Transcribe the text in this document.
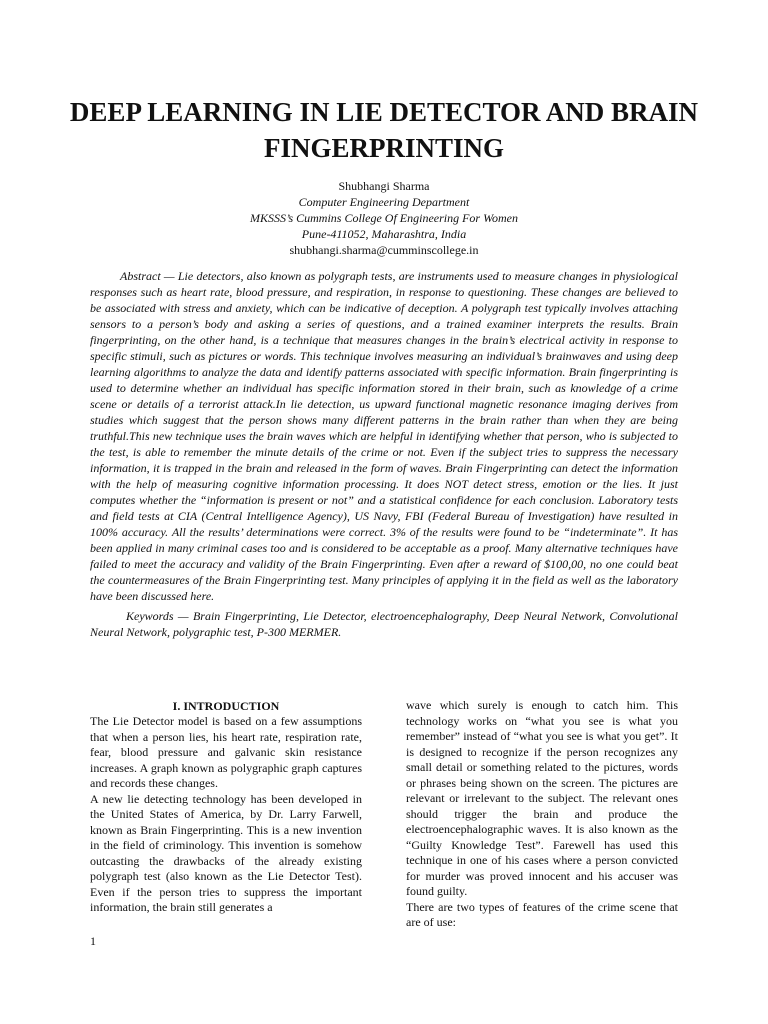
DEEP LEARNING IN LIE DETECTOR AND BRAIN FINGERPRINTING
Shubhangi Sharma
Computer Engineering Department
MKSSS’s Cummins College Of Engineering For Women
Pune-411052, Maharashtra, India
shubhangi.sharma@cumminscollege.in

Abstract — Lie detectors, also known as polygraph tests, are instruments used to measure changes in physiological responses such as heart rate, blood pressure, and respiration, in response to questioning. These changes are believed to be associated with stress and anxiety, which can be indicative of deception. A polygraph test typically involves attaching sensors to a person’s body and asking a series of questions, and a trained examiner interprets the results. Brain fingerprinting, on the other hand, is a technique that measures changes in the brain’s electrical activity in response to specific stimuli, such as pictures or words. This technique involves measuring an individual’s brainwaves and using deep learning algorithms to analyze the data and identify patterns associated with specific information. Brain fingerprinting is used to determine whether an individual has specific information stored in their brain, such as knowledge of a crime scene or details of a terrorist attack.In lie detection, us upward functional magnetic resonance imaging derives from studies which suggest that the person shows many different patterns in the brain rather than when they are being truthful.This new technique uses the brain waves which are helpful in identifying whether that person, who is subjected to the test, is able to remember the minute details of the crime or not. Even if the subject tries to suppress the necessary information, it is trapped in the brain and released in the form of waves. Brain Fingerprinting can detect the information with the help of measuring cognitive information processing. It does NOT detect stress, emotion or the lies. It just computes whether the “information is present or not” and a statistical confidence for each conclusion. Laboratory tests and field tests at CIA (Central Intelligence Agency), US Navy, FBI (Federal Bureau of Investigation) have resulted in 100% accuracy. All the results’ determinations were correct. 3% of the results were found to be “indeterminate”. It has been applied in many criminal cases too and is considered to be acceptable as a proof. Many alternative techniques have failed to meet the accuracy and validity of the Brain Fingerprinting. Even after a reward of $100,00, no one could beat the countermeasures of the Brain Fingerprinting test. Many principles of applying it in the field as well as the laboratory have been discussed here.

Keywords — Brain Fingerprinting, Lie Detector, electroencephalography, Deep Neural Network, Convolutional Neural Network, polygraphic test, P-300 MERMER.

I. INTRODUCTION

The Lie Detector model is based on a few assumptions that when a person lies, his heart rate, respiration rate, fear, blood pressure and galvanic skin resistance increases. A graph known as polygraphic graph captures and records these changes.

A new lie detecting technology has been developed in the United States of America, by Dr. Larry Farwell, known as Brain Fingerprinting. This is a new invention in the field of criminology. This invention is somehow outcasting the drawbacks of the already existing polygraph test (also known as the Lie Detector Test). Even if the person tries to suppress the important information, the brain still generates a

wave which surely is enough to catch him. This technology works on “what you see is what you remember” instead of “what you see is what you get”. It is designed to recognize if the person recognizes any small detail or something related to the pictures, words or phrases being shown on the screen. The pictures are relevant or irrelevant to the subject. The relevant ones should trigger the brain and produce the electroencephalographic waves. It is also known as the “Guilty Knowledge Test”. Farewell has used this technique in one of his cases where a person convicted for murder was proved innocent and his accuser was found guilty.

There are two types of features of the crime scene that are of use:

1
